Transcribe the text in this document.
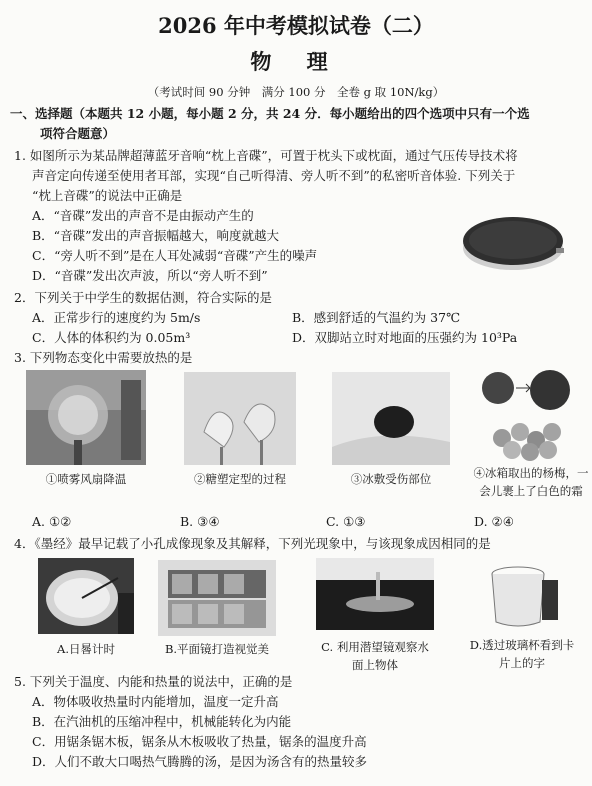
2026 年中考模拟试卷（二）
物 理
（考试时间 90 分钟　满分 100 分　全卷 g 取 10N/kg）
一、选择题（本题共 12 小题，每小题 2 分，共 24 分．每小题给出的四个选项中只有一个选
项符合题意）
1. 如图所示为某品牌超薄蓝牙音响“枕上音碟”，可置于枕头下或枕面，通过气压传导技术将
声音定向传递至使用者耳部，实现“自己听得清、旁人听不到”的私密听音体验. 下列关于
“枕上音碟”的说法中正确是
A．“音碟”发出的声音不是由振动产生的
B．“音碟”发出的声音振幅越大，响度就越大
C．“旁人听不到”是在人耳处减弱“音碟”产生的噪声
D．“音碟”发出次声波，所以“旁人听不到”
2．下列关于中学生的数据估测，符合实际的是
A．正常步行的速度约为 5m/s	B．感到舒适的气温约为 37℃
C．人体的体积约为 0.05m³	D．双脚站立时对地面的压强约为 10³Pa
3. 下列物态变化中需要放热的是
①喷雾风扇降温	②糖塑定型的过程	③冰敷受伤部位	④冰箱取出的杨梅，一会儿裹上了白色的霜
A. ①②	B. ③④	C. ①③	D. ②④
4．《墨经》最早记载了小孔成像现象及其解释，下列光现象中，与该现象成因相同的是
A.日晷计时	B.平面镜打造视觉美	C. 利用潜望镜观察水面上物体
D.透过玻璃杯看到卡片上的字
5. 下列关于温度、内能和热量的说法中，正确的是
A．物体吸收热量时内能增加，温度一定升高
B．在汽油机的压缩冲程中，机械能转化为内能
C．用锯条锯木板，锯条从木板吸收了热量，锯条的温度升高
D．人们不敢大口喝热气腾腾的汤，是因为汤含有的热量较多
